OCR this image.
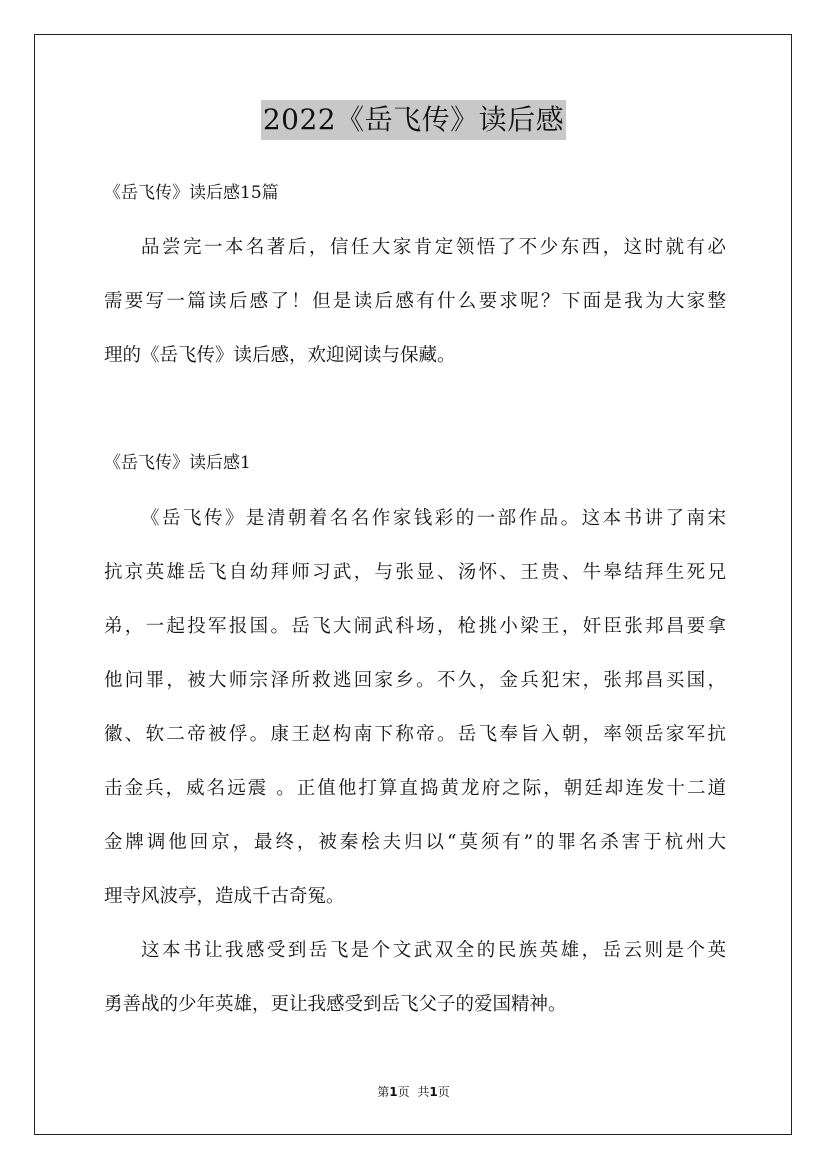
2022《岳飞传》读后感
《岳飞传》读后感15篇
品尝完一本名著后，信任大家肯定领悟了不少东西，这时就有必
需要写一篇读后感了！但是读后感有什么要求呢？下面是我为大家整
理的《岳飞传》读后感，欢迎阅读与保藏。
《岳飞传》读后感1
《岳飞传》是清朝着名名作家钱彩的一部作品。这本书讲了南宋
抗京英雄岳飞自幼拜师习武，与张显、汤怀、王贵、牛皋结拜生死兄
弟，一起投军报国。岳飞大闹武科场，枪挑小梁王，奸臣张邦昌要拿
他问罪，被大师宗泽所救逃回家乡。不久，金兵犯宋，张邦昌买国，
徽、软二帝被俘。康王赵构南下称帝。岳飞奉旨入朝，率领岳家军抗
击金兵，威名远震 。正值他打算直捣黄龙府之际，朝廷却连发十二道
金牌调他回京，最终，被秦桧夫归以“莫须有”的罪名杀害于杭州大
理寺风波亭，造成千古奇冤。
这本书让我感受到岳飞是个文武双全的民族英雄，岳云则是个英
勇善战的少年英雄，更让我感受到岳飞父子的爱国精神。
第1页 共1页
